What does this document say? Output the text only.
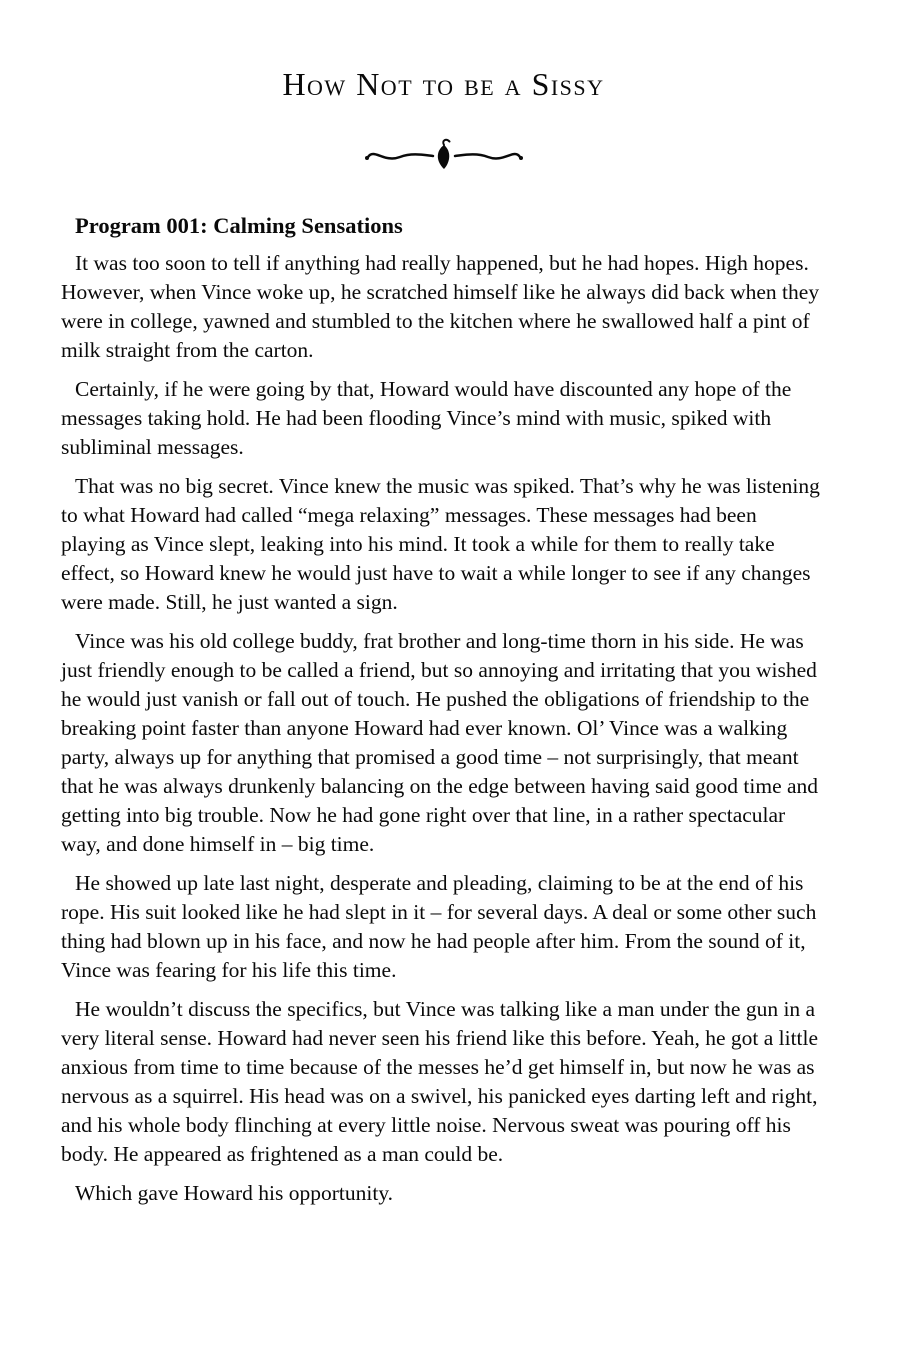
How Not to be a Sissy
Program 001: Calming Sensations

It was too soon to tell if anything had really happened, but he had hopes. High hopes. However, when Vince woke up, he scratched himself like he always did back when they were in college, yawned and stumbled to the kitchen where he swallowed half a pint of milk straight from the carton.

Certainly, if he were going by that, Howard would have discounted any hope of the messages taking hold. He had been flooding Vince’s mind with music, spiked with subliminal messages.

That was no big secret. Vince knew the music was spiked. That’s why he was listening to what Howard had called “mega relaxing” messages. These messages had been playing as Vince slept, leaking into his mind. It took a while for them to really take effect, so Howard knew he would just have to wait a while longer to see if any changes were made. Still, he just wanted a sign.

Vince was his old college buddy, frat brother and long-time thorn in his side. He was just friendly enough to be called a friend, but so annoying and irritating that you wished he would just vanish or fall out of touch. He pushed the obligations of friendship to the breaking point faster than anyone Howard had ever known. Ol’ Vince was a walking party, always up for anything that promised a good time – not surprisingly, that meant that he was always drunkenly balancing on the edge between having said good time and getting into big trouble. Now he had gone right over that line, in a rather spectacular way, and done himself in – big time.

He showed up late last night, desperate and pleading, claiming to be at the end of his rope. His suit looked like he had slept in it – for several days. A deal or some other such thing had blown up in his face, and now he had people after him. From the sound of it, Vince was fearing for his life this time.

He wouldn’t discuss the specifics, but Vince was talking like a man under the gun in a very literal sense. Howard had never seen his friend like this before. Yeah, he got a little anxious from time to time because of the messes he’d get himself in, but now he was as nervous as a squirrel. His head was on a swivel, his panicked eyes darting left and right, and his whole body flinching at every little noise. Nervous sweat was pouring off his body. He appeared as frightened as a man could be.

Which gave Howard his opportunity.
